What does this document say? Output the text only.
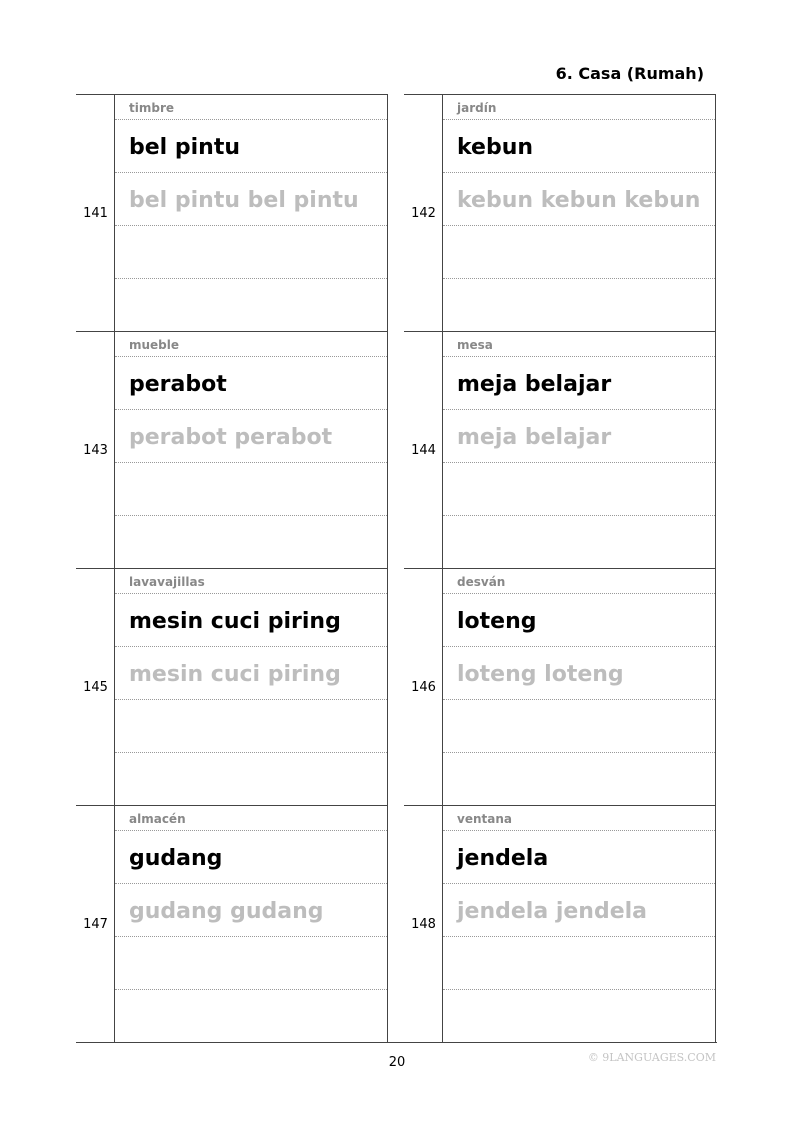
6. Casa (Rumah)
141
timbre
bel pintu
bel pintu bel pintu
142
jardín
kebun
kebun kebun kebun
143
mueble
perabot
perabot perabot
144
mesa
meja belajar
meja belajar
145
lavavajillas
mesin cuci piring
mesin cuci piring
146
desván
loteng
loteng loteng
147
almacén
gudang
gudang gudang
148
ventana
jendela
jendela jendela
20	© 9LANGUAGES.COM
